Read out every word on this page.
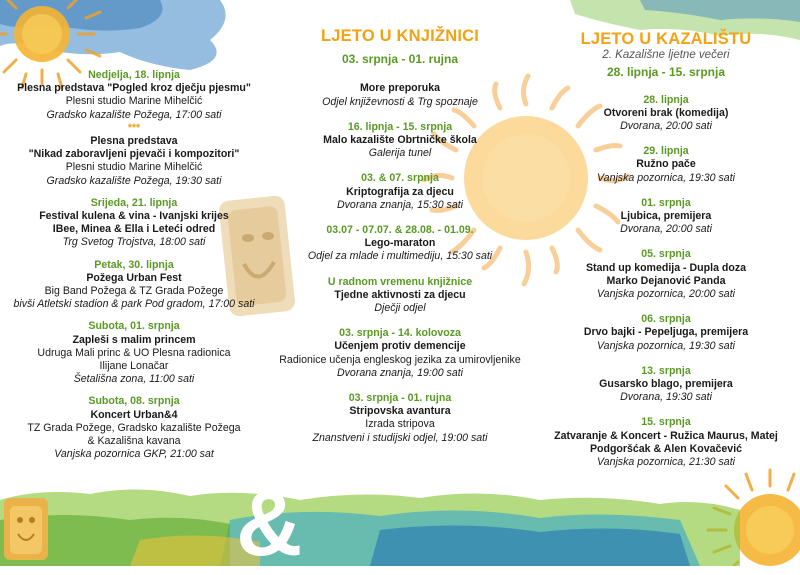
&
Nedjelja, 18. lipnja
Plesna predstava "Pogled kroz dječju pjesmu"
Plesni studio Marine Mihelčić
Gradsko kazalište Požega, 17:00 sati
***
Plesna predstava
"Nikad zaboravljeni pjevači i kompozitori"
Plesni studio Marine Mihelčić
Gradsko kazalište Požega, 19:30 sati
Srijeda, 21. lipnja
Festival kulena & vina - Ivanjski krijes
IBee, Minea & Ella i Leteći odred
Trg Svetog Trojstva, 18:00 sati
Petak, 30. lipnja
Požega Urban Fest
Big Band Požega & TZ Grada Požege
bivši Atletski stadion & park Pod gradom, 17:00 sati
Subota, 01. srpnja
Zapleši s malim princem
Udruga Mali princ & UO Plesna radionica
Ilijane Lonačar
Šetališna zona, 11:00 sati
Subota, 08. srpnja
Koncert Urban&4
TZ Grada Požege, Gradsko kazalište Požega
& Kazališna kavana
Vanjska pozornica GKP, 21:00 sat
LJETO U KNJIŽNICI
03. srpnja - 01. rujna
More preporuka
Odjel književnosti & Trg spoznaje
16. lipnja - 15. srpnja
Malo kazalište Obrtničke škola
Galerija tunel
03. & 07. srpnja
Kriptografija za djecu
Dvorana znanja, 15:30 sati
03.07 - 07.07. & 28.08. - 01.09.
Lego-maraton
Odjel za mlade i multimediju, 15:30 sati
U radnom vremenu knjižnice
Tjedne aktivnosti za djecu
Dječji odjel
03. srpnja - 14. kolovoza
Učenjem protiv demencije
Radionice učenja engleskog jezika za umirovljenike
Dvorana znanja, 19:00 sati
03. srpnja - 01. rujna
Stripovska avantura
Izrada stripova
Znanstveni i studijski odjel, 19:00 sati
LJETO U KAZALIŠTU
2. Kazališne ljetne večeri
28. lipnja - 15. srpnja
28. lipnja
Otvoreni brak (komedija)
Dvorana, 20:00 sati
29. lipnja
Ružno pače
Vanjska pozornica, 19:30 sati
01. srpnja
Ljubica, premijera
Dvorana, 20:00 sati
05. srpnja
Stand up komedija - Dupla doza
Marko Dejanović Panda
Vanjska pozornica, 20:00 sati
06. srpnja
Drvo bajki - Pepeljuga, premijera
Vanjska pozornica, 19:30 sati
13. srpnja
Gusarsko blago, premijera
Dvorana, 19:30 sati
15. srpnja
Zatvaranje & Koncert - Ružica Maurus, Matej
Podgoršćak & Alen Kovačević
Vanjska pozornica, 21:30 sati
